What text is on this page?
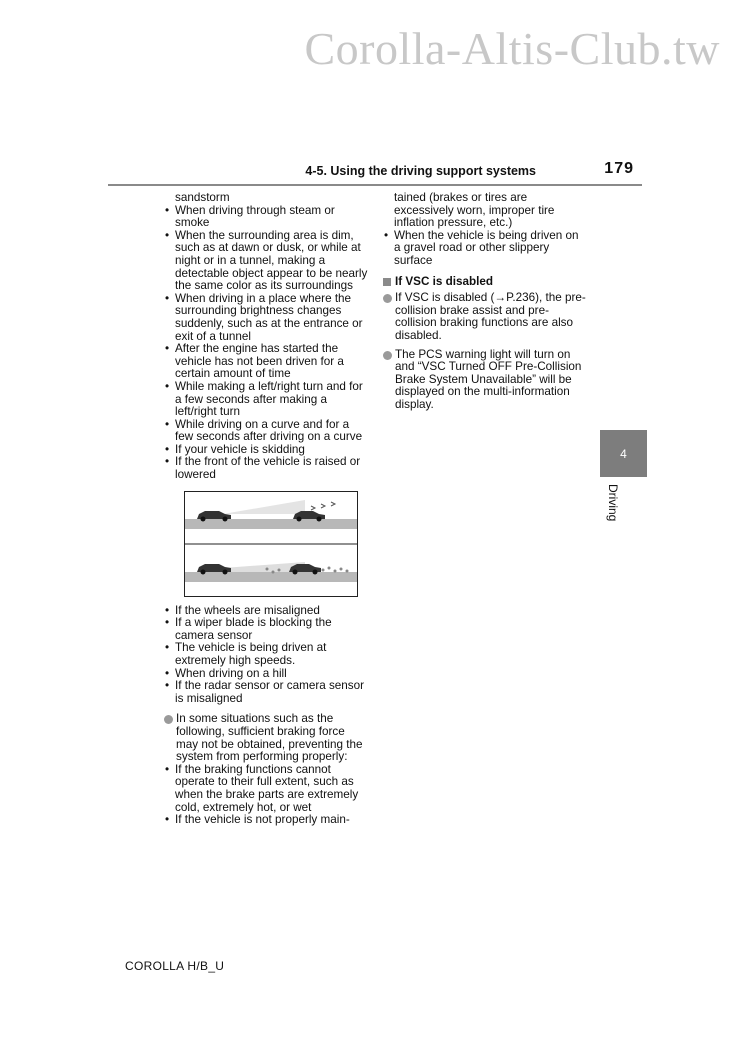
Corolla-Altis-Club.tw
4-5. Using the driving support systems	179
sandstorm
• When driving through steam or smoke
• When the surrounding area is dim, such as at dawn or dusk, or while at night or in a tunnel, making a detectable object appear to be nearly the same color as its surroundings
• When driving in a place where the surrounding brightness changes suddenly, such as at the entrance or exit of a tunnel
• After the engine has started the vehicle has not been driven for a certain amount of time
• While making a left/right turn and for a few seconds after making a left/right turn
• While driving on a curve and for a few seconds after driving on a curve
• If your vehicle is skidding
• If the front of the vehicle is raised or lowered
• If the wheels are misaligned
• If a wiper blade is blocking the camera sensor
• The vehicle is being driven at extremely high speeds.
• When driving on a hill
• If the radar sensor or camera sensor is misaligned
In some situations such as the following, sufficient braking force may not be obtained, preventing the system from performing properly:
• If the braking functions cannot operate to their full extent, such as when the brake parts are extremely cold, extremely hot, or wet
• If the vehicle is not properly main-
tained (brakes or tires are excessively worn, improper tire inflation pressure, etc.)
• When the vehicle is being driven on a gravel road or other slippery surface
If VSC is disabled
If VSC is disabled (→P.236), the pre-collision brake assist and pre-collision braking functions are also disabled.
The PCS warning light will turn on and “VSC Turned OFF Pre-Collision Brake System Unavailable” will be displayed on the multi-information display.
4
Driving
COROLLA H/B_U
